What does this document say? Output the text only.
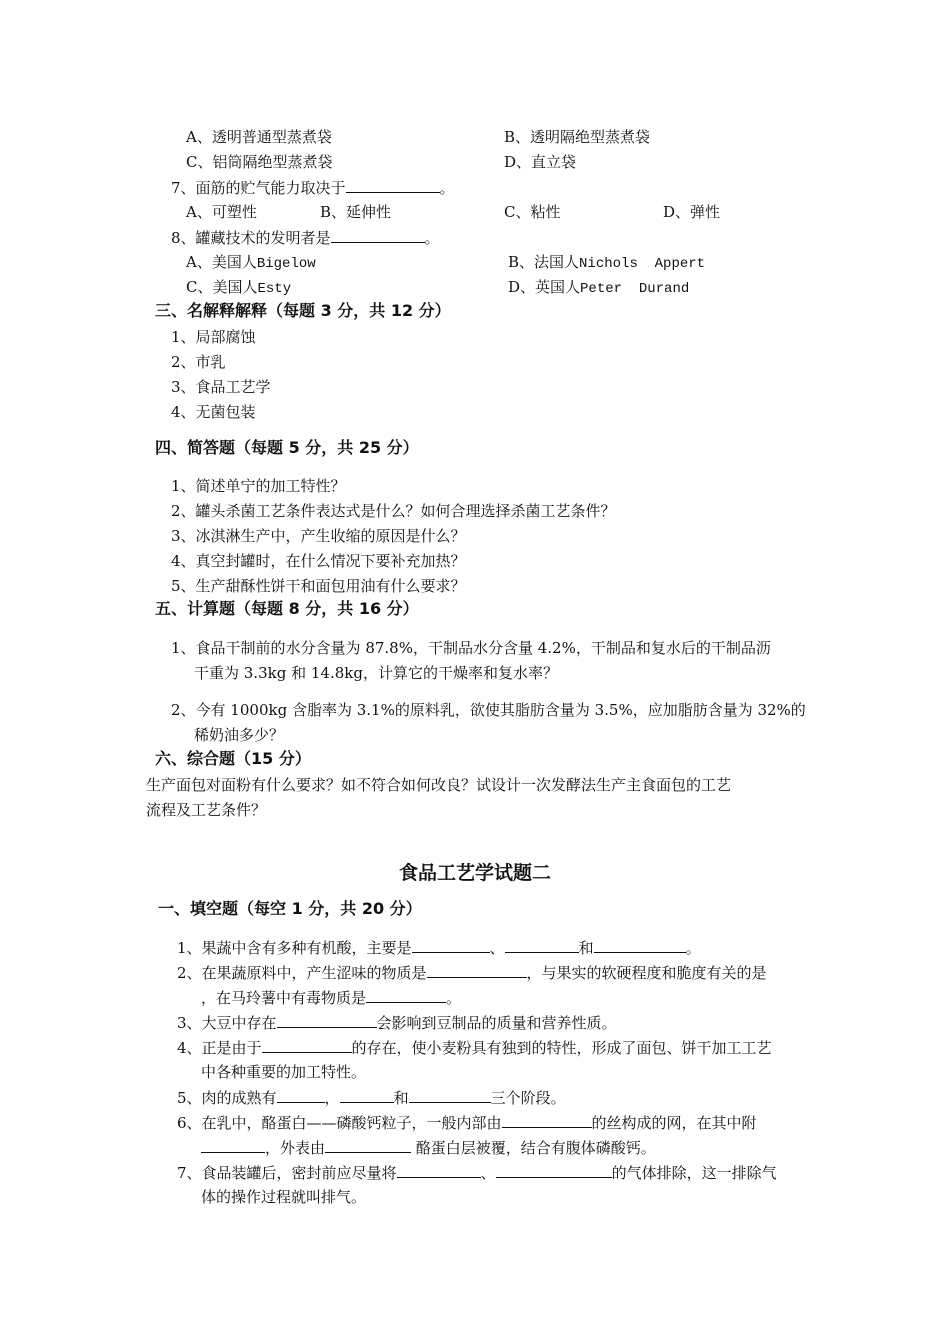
A、透明普通型蒸煮袋	B、透明隔绝型蒸煮袋
C、铝筒隔绝型蒸煮袋	D、直立袋
7、面筋的贮气能力取决于	。
A、可塑性	B、延伸性	C、粘性	D、弹性
8、罐藏技术的发明者是	。
A、美国人Bigelow	B、法国人Nichols  Appert
C、美国人Esty	D、英国人Peter  Durand
三、名解释解释（每题 3 分，共 12 分）
1、局部腐蚀
2、市乳
3、食品工艺学
4、无菌包装
四、简答题（每题 5 分，共 25 分）
1、简述单宁的加工特性？
2、罐头杀菌工艺条件表达式是什么？如何合理选择杀菌工艺条件？
3、冰淇淋生产中，产生收缩的原因是什么？
4、真空封罐时，在什么情况下要补充加热？
5、生产甜酥性饼干和面包用油有什么要求？
五、计算题（每题 8 分，共 16 分）
1、食品干制前的水分含量为 87.8%，干制品水分含量 4.2%，干制品和复水后的干制品沥
干重为 3.3kg 和 14.8kg，计算它的干燥率和复水率？
2、今有 1000kg 含脂率为 3.1%的原料乳，欲使其脂肪含量为 3.5%，应加脂肪含量为 32%的
稀奶油多少？
六、综合题（15 分）
生产面包对面粉有什么要求？如不符合如何改良？试设计一次发酵法生产主食面包的工艺
流程及工艺条件？
食品工艺学试题二
一、填空题（每空 1 分，共 20 分）
1、果蔬中含有多种有机酸，主要是	、	和	。
2、在果蔬原料中，产生涩味的物质是	，与果实的软硬程度和脆度有关的是
，在马玲薯中有毒物质是	。
3、大豆中存在	会影响到豆制品的质量和营养性质。
4、正是由于	的存在，使小麦粉具有独到的特性，形成了面包、饼干加工工艺
中各种重要的加工特性。
5、肉的成熟有	，	和	三个阶段。
6、在乳中，酪蛋白——磷酸钙粒子，一般内部由	的丝构成的网，在其中附
，外表由	酪蛋白层被覆，结合有腹体磷酸钙。
7、食品装罐后，密封前应尽量将	、	的气体排除，这一排除气
体的操作过程就叫排气。
